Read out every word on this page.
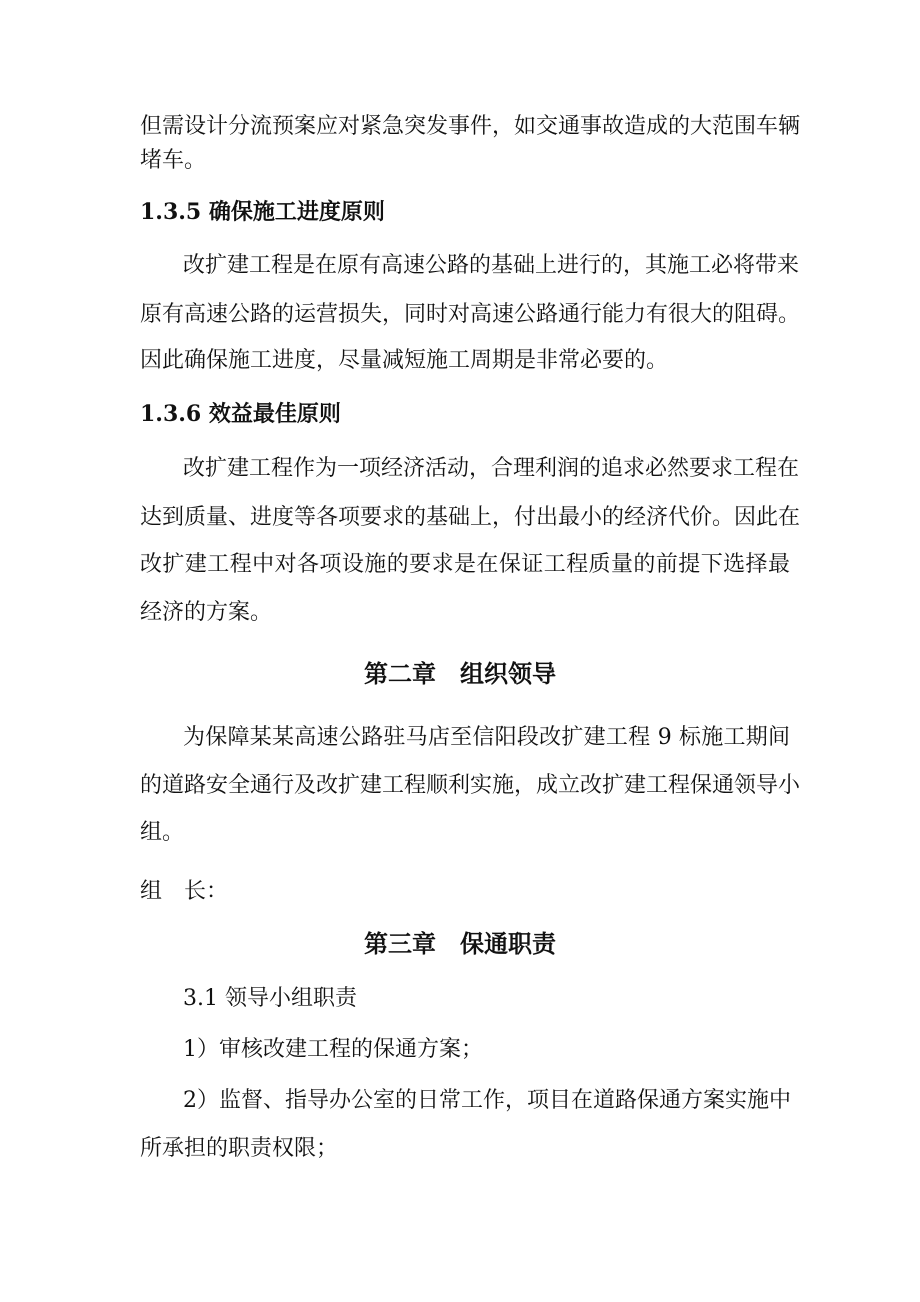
但需设计分流预案应对紧急突发事件，如交通事故造成的大范围车辆
堵车。
1.3.5 确保施工进度原则
改扩建工程是在原有高速公路的基础上进行的，其施工必将带来
原有高速公路的运营损失，同时对高速公路通行能力有很大的阻碍。
因此确保施工进度，尽量减短施工周期是非常必要的。
1.3.6 效益最佳原则
改扩建工程作为一项经济活动，合理利润的追求必然要求工程在
达到质量、进度等各项要求的基础上，付出最小的经济代价。因此在
改扩建工程中对各项设施的要求是在保证工程质量的前提下选择最
经济的方案。
第二章　组织领导
为保障某某高速公路驻马店至信阳段改扩建工程 9 标施工期间
的道路安全通行及改扩建工程顺利实施，成立改扩建工程保通领导小
组。
组　长：
第三章　保通职责
3.1 领导小组职责
1）审核改建工程的保通方案；
2）监督、指导办公室的日常工作，项目在道路保通方案实施中
所承担的职责权限；
